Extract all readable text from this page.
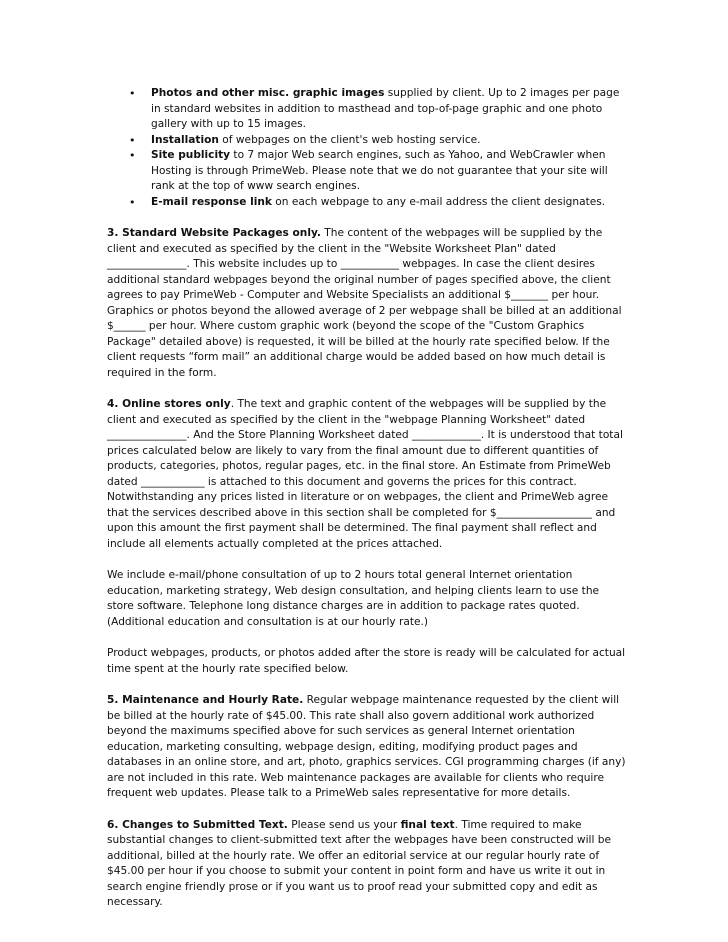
• Photos and other misc. graphic images supplied by client. Up to 2 images per page in standard websites in addition to masthead and top-of-page graphic and one photo gallery with up to 15 images.
• Installation of webpages on the client's web hosting service.
• Site publicity to 7 major Web search engines, such as Yahoo, and WebCrawler when Hosting is through PrimeWeb. Please note that we do not guarantee that your site will rank at the top of www search engines.
• E-mail response link on each webpage to any e-mail address the client designates.

3. Standard Website Packages only. The content of the webpages will be supplied by the client and executed as specified by the client in the "Website Worksheet Plan" dated _______________. This website includes up to ___________ webpages. In case the client desires additional standard webpages beyond the original number of pages specified above, the client agrees to pay PrimeWeb - Computer and Website Specialists an additional $_______ per hour. Graphics or photos beyond the allowed average of 2 per webpage shall be billed at an additional $______ per hour. Where custom graphic work (beyond the scope of the "Custom Graphics Package" detailed above) is requested, it will be billed at the hourly rate specified below. If the client requests “form mail” an additional charge would be added based on how much detail is required in the form.

4. Online stores only. The text and graphic content of the webpages will be supplied by the client and executed as specified by the client in the "webpage Planning Worksheet" dated _______________. And the Store Planning Worksheet dated _____________. It is understood that total prices calculated below are likely to vary from the final amount due to different quantities of products, categories, photos, regular pages, etc. in the final store. An Estimate from PrimeWeb dated ____________ is attached to this document and governs the prices for this contract. Notwithstanding any prices listed in literature or on webpages, the client and PrimeWeb agree that the services described above in this section shall be completed for $__________________ and upon this amount the first payment shall be determined. The final payment shall reflect and include all elements actually completed at the prices attached.

We include e-mail/phone consultation of up to 2 hours total general Internet orientation education, marketing strategy, Web design consultation, and helping clients learn to use the store software. Telephone long distance charges are in addition to package rates quoted. (Additional education and consultation is at our hourly rate.)

Product webpages, products, or photos added after the store is ready will be calculated for actual time spent at the hourly rate specified below.

5. Maintenance and Hourly Rate. Regular webpage maintenance requested by the client will be billed at the hourly rate of $45.00. This rate shall also govern additional work authorized beyond the maximums specified above for such services as general Internet orientation education, marketing consulting, webpage design, editing, modifying product pages and databases in an online store, and art, photo, graphics services. CGI programming charges (if any) are not included in this rate. Web maintenance packages are available for clients who require frequent web updates. Please talk to a PrimeWeb sales representative for more details.

6. Changes to Submitted Text. Please send us your final text. Time required to make substantial changes to client-submitted text after the webpages have been constructed will be additional, billed at the hourly rate. We offer an editorial service at our regular hourly rate of $45.00 per hour if you choose to submit your content in point form and have us write it out in search engine friendly prose or if you want us to proof read your submitted copy and edit as necessary.
